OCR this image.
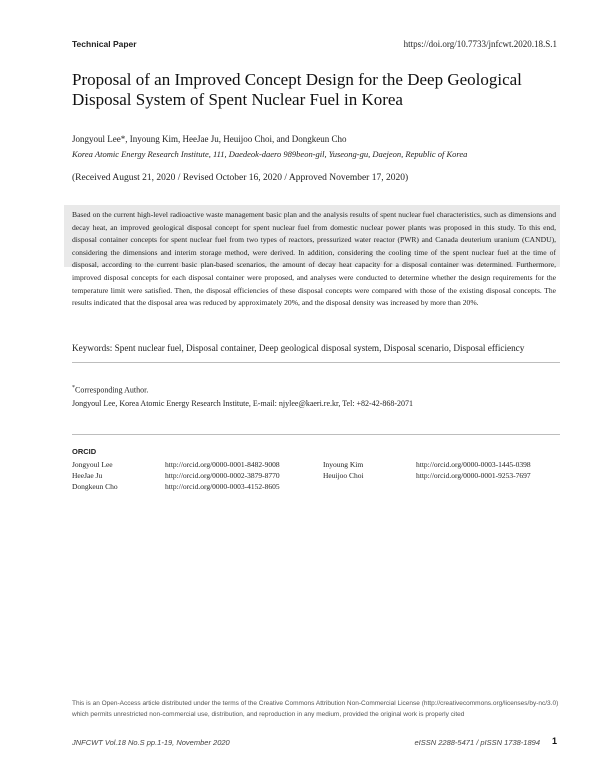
Technical Paper	https://doi.org/10.7733/jnfcwt.2020.18.S.1
Proposal of an Improved Concept Design for the Deep Geological Disposal System of Spent Nuclear Fuel in Korea
Jongyoul Lee*, Inyoung Kim, HeeJae Ju, Heuijoo Choi, and Dongkeun Cho
Korea Atomic Energy Research Institute, 111, Daedeok-daero 989beon-gil, Yuseong-gu, Daejeon, Republic of Korea
(Received August 21, 2020 / Revised October 16, 2020 / Approved November 17, 2020)
Based on the current high-level radioactive waste management basic plan and the analysis results of spent nuclear fuel characteristics, such as dimensions and decay heat, an improved geological disposal concept for spent nuclear fuel from domestic nuclear power plants was proposed in this study. To this end, disposal container concepts for spent nuclear fuel from two types of reactors, pressurized water reactor (PWR) and Canada deuterium uranium (CANDU), considering the dimensions and interim storage method, were derived. In addition, considering the cooling time of the spent nuclear fuel at the time of disposal, according to the current basic plan-based scenarios, the amount of decay heat capacity for a disposal container was determined. Furthermore, improved disposal concepts for each disposal container were proposed, and analyses were conducted to determine whether the design requirements for the temperature limit were satisfied. Then, the disposal efficiencies of these disposal concepts were compared with those of the existing disposal concepts. The results indicated that the disposal area was reduced by approximately 20%, and the disposal density was increased by more than 20%.
Keywords: Spent nuclear fuel, Disposal container, Deep geological disposal system, Disposal scenario, Disposal efficiency
*Corresponding Author.
Jongyoul Lee, Korea Atomic Energy Research Institute, E-mail: njylee@kaeri.re.kr, Tel: +82-42-868-2071
ORCID
Jongyoul Lee	http://orcid.org/0000-0001-8482-9008	Inyoung Kim	http://orcid.org/0000-0003-1445-0398
HeeJae Ju	http://orcid.org/0000-0002-3879-8770	Heuijoo Choi	http://orcid.org/0000-0001-9253-7697
Dongkeun Cho	http://orcid.org/0000-0003-4152-8605
This is an Open-Access article distributed under the terms of the Creative Commons Attribution Non-Commercial License (http://creativecommons.org/licenses/by-nc/3.0) which permits unrestricted non-commercial use, distribution, and reproduction in any medium, provided the original work is properly cited
JNFCWT Vol.18 No.S pp.1-19, November 2020	eISSN 2288-5471 / pISSN 1738-1894 1
